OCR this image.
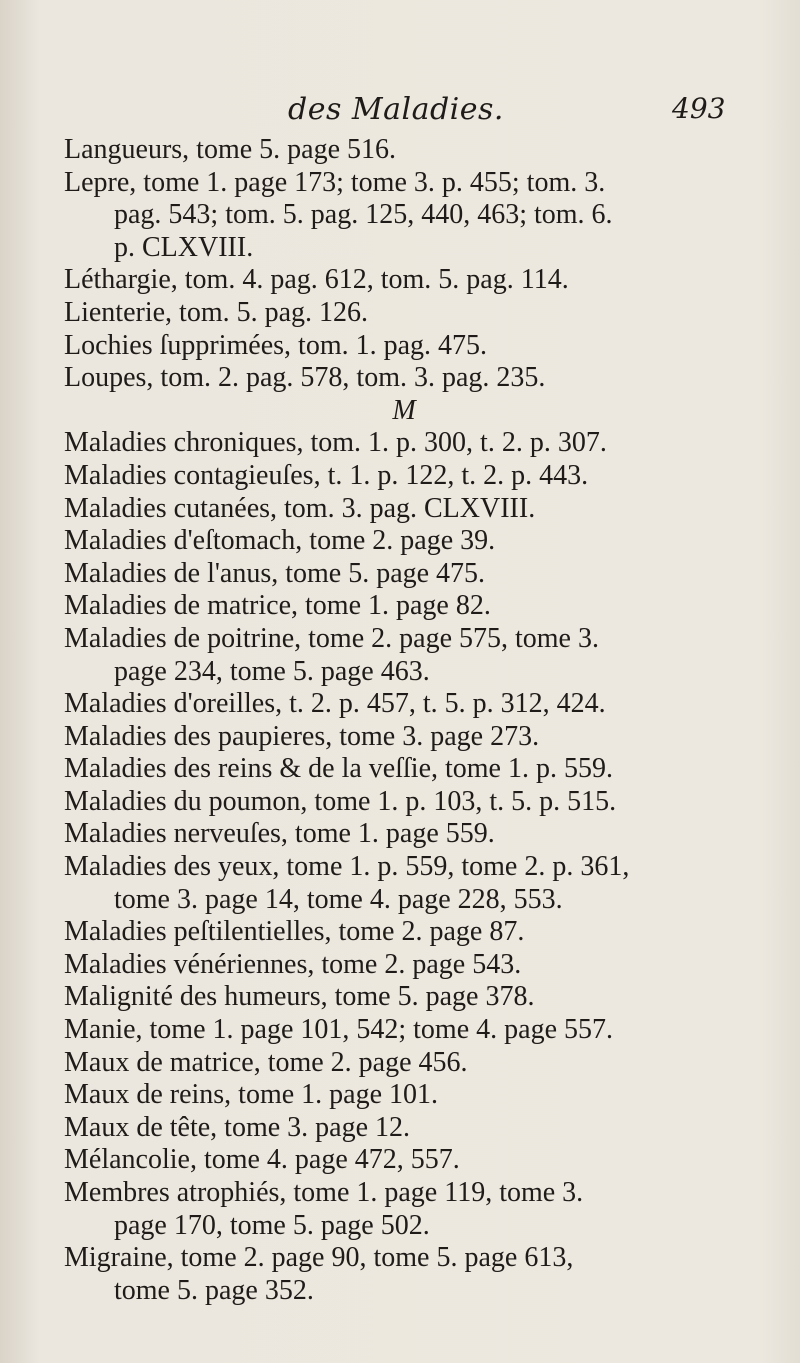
des Maladies.	493
Langueurs, tome 5. page 516.
Lepre, tome 1. page 173; tome 3. p. 455; tom. 3.
pag. 543; tom. 5. pag. 125, 440, 463; tom. 6.
p. CLXVIII.
Léthargie, tom. 4. pag. 612, tom. 5. pag. 114.
Lienterie, tom. 5. pag. 126.
Lochies ſupprimées, tom. 1. pag. 475.
Loupes, tom. 2. pag. 578, tom. 3. pag. 235.
M
Maladies chroniques, tom. 1. p. 300, t. 2. p. 307.
Maladies contagieuſes, t. 1. p. 122, t. 2. p. 443.
Maladies cutanées, tom. 3. pag. CLXVIII.
Maladies d'eſtomach, tome 2. page 39.
Maladies de l'anus, tome 5. page 475.
Maladies de matrice, tome 1. page 82.
Maladies de poitrine, tome 2. page 575, tome 3.
page 234, tome 5. page 463.
Maladies d'oreilles, t. 2. p. 457, t. 5. p. 312, 424.
Maladies des paupieres, tome 3. page 273.
Maladies des reins & de la veſſie, tome 1. p. 559.
Maladies du poumon, tome 1. p. 103, t. 5. p. 515.
Maladies nerveuſes, tome 1. page 559.
Maladies des yeux, tome 1. p. 559, tome 2. p. 361,
tome 3. page 14, tome 4. page 228, 553.
Maladies peſtilentielles, tome 2. page 87.
Maladies vénériennes, tome 2. page 543.
Malignité des humeurs, tome 5. page 378.
Manie, tome 1. page 101, 542; tome 4. page 557.
Maux de matrice, tome 2. page 456.
Maux de reins, tome 1. page 101.
Maux de tête, tome 3. page 12.
Mélancolie, tome 4. page 472, 557.
Membres atrophiés, tome 1. page 119, tome 3.
page 170, tome 5. page 502.
Migraine, tome 2. page 90, tome 5. page 613,
tome 5. page 352.
